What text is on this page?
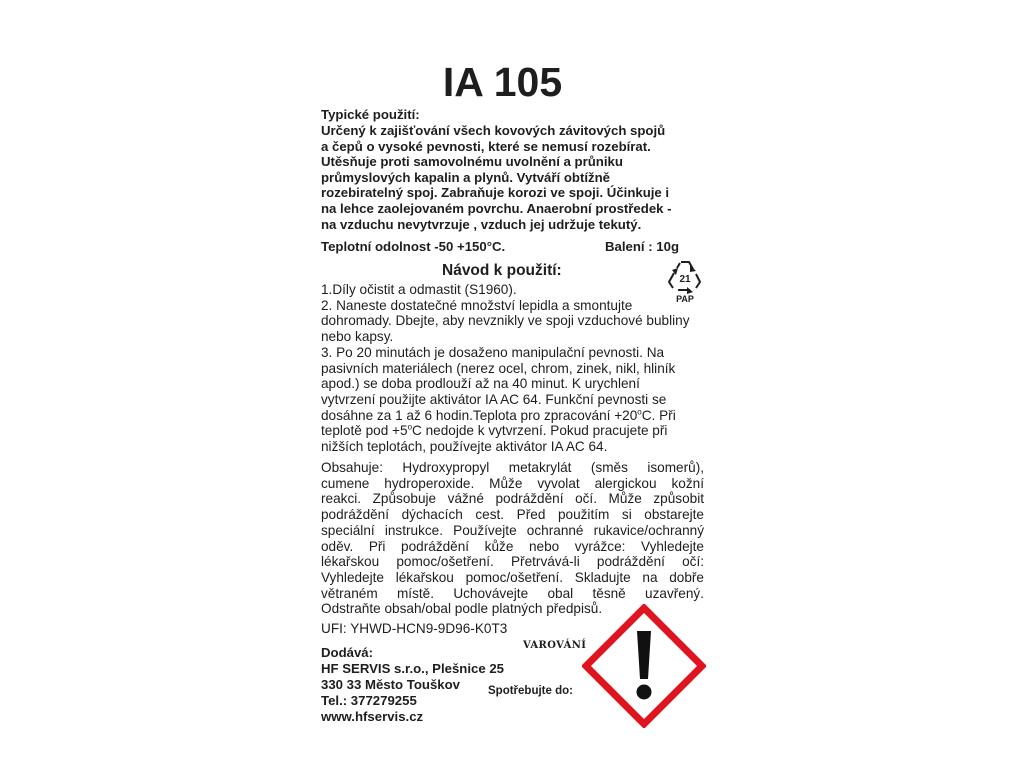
IA 105
Typické použití:
Určený k zajišťování všech kovových závitových spojů
a čepů o vysoké pevnosti, které se nemusí rozebírat.
Utěsňuje proti samovolnému uvolnění a průniku
průmyslových kapalin a plynů. Vytváří obtížně
rozebiratelný spoj. Zabraňuje korozi ve spoji. Účinkuje i
na lehce zaolejovaném povrchu. Anaerobní prostředek -
na vzduchu nevytvrzuje , vzduch jej udržuje tekutý.
Teplotní odolnost -50 +150°C.	Balení : 10g
Návod k použití:
21
PAP
1.Díly očistit a odmastit (S1960).
2. Naneste dostatečné množství lepidla a smontujte
dohromady. Dbejte, aby nevznikly ve spoji vzduchové bubliny
nebo kapsy.
3. Po 20 minutách je dosaženo manipulační pevnosti. Na
pasivních materiálech (nerez ocel, chrom, zinek, nikl, hliník
apod.) se doba prodlouží až na 40 minut. K urychlení
vytvrzení použijte aktivátor IA AC 64. Funkční pevnosti se
dosáhne za 1 až 6 hodin.Teplota pro zpracování $+20^oC$. Při
teplotě pod $+5^oC$ nedojde k vytvrzení. Pokud pracujete při
nižších teplotách, používejte aktivátor IA AC 64.
Obsahuje: Hydroxypropyl metakrylát (směs isomerů),
cumene hydroperoxide. Může vyvolat alergickou kožní
reakci. Způsobuje vážné podráždění očí. Může způsobit
podráždění dýchacích cest. Před použitím si obstarejte
speciální instrukce. Používejte ochranné rukavice/ochranný
oděv. Při podráždění kůže nebo vyrážce: Vyhledejte
lékařskou pomoc/ošetření. Přetrvává-li podráždění očí:
Vyhledejte lékařskou pomoc/ošetření. Skladujte na dobře
větraném místě. Uchovávejte obal těsně uzavřený.
Odstraňte obsah/obal podle platných předpisů.
UFI: YHWD-HCN9-9D96-K0T3
Dodává:
HF SERVIS s.r.o., Plešnice 25
330 33 Město Touškov
Tel.: 377279255
www.hfservis.cz
VAROVÁNÍ
Spotřebujte do:
